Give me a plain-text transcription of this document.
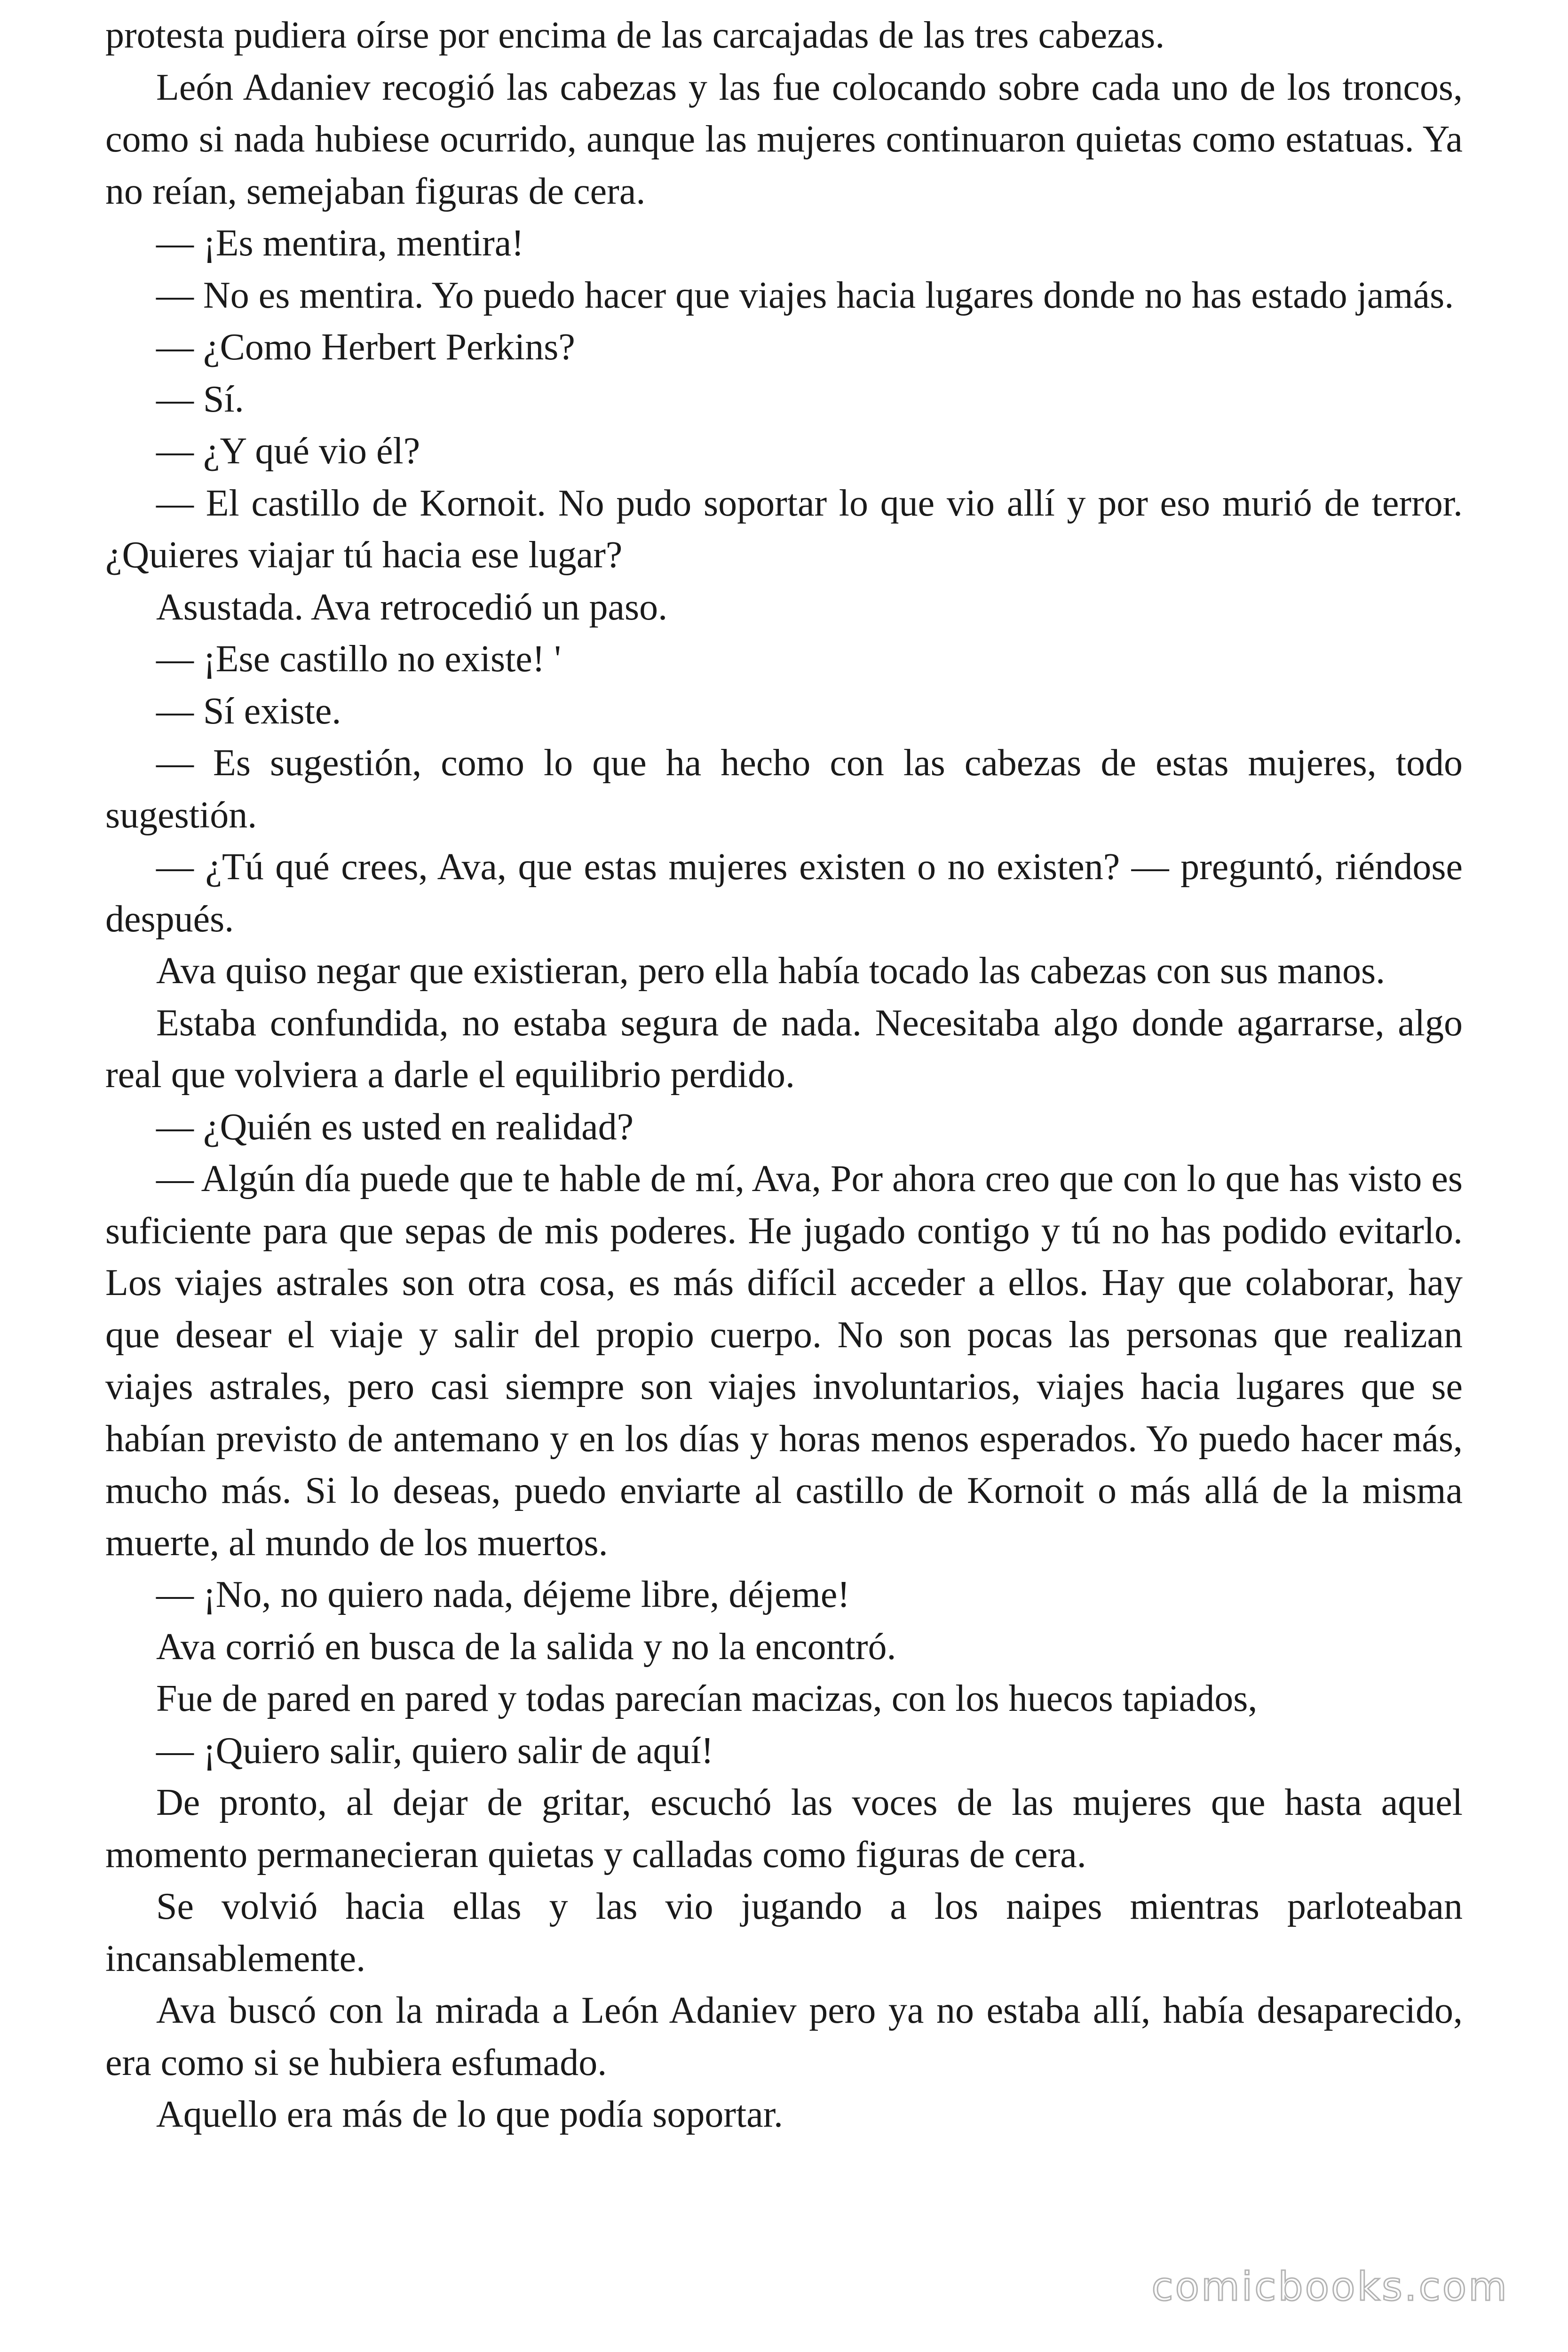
protesta pudiera oírse por encima de las carcajadas de las tres cabezas.

León Adaniev recogió las cabezas y las fue colocando sobre cada uno de los troncos, como si nada hubiese ocurrido, aunque las mujeres continuaron quietas como estatuas. Ya no reían, semejaban figuras de cera.

— ¡Es mentira, mentira!

— No es mentira. Yo puedo hacer que viajes hacia lugares donde no has estado jamás.

— ¿Como Herbert Perkins?

— Sí.

— ¿Y qué vio él?

— El castillo de Kornoit. No pudo soportar lo que vio allí y por eso murió de terror. ¿Quieres viajar tú hacia ese lugar?

Asustada. Ava retrocedió un paso.

— ¡Ese castillo no existe! '

— Sí existe.

— Es sugestión, como lo que ha hecho con las cabezas de estas mujeres, todo sugestión.

— ¿Tú qué crees, Ava, que estas mujeres existen o no existen? — preguntó, riéndose después.

Ava quiso negar que existieran, pero ella había tocado las cabezas con sus manos.

Estaba confundida, no estaba segura de nada. Necesitaba algo donde agarrarse, algo real que volviera a darle el equilibrio perdido.

— ¿Quién es usted en realidad?

— Algún día puede que te hable de mí, Ava, Por ahora creo que con lo que has visto es suficiente para que sepas de mis poderes. He jugado contigo y tú no has podido evitarlo. Los viajes astrales son otra cosa, es más difícil acceder a ellos. Hay que colaborar, hay que desear el viaje y salir del propio cuerpo. No son pocas las personas que realizan viajes astrales, pero casi siempre son viajes involuntarios, viajes hacia lugares que se habían previsto de antemano y en los días y horas menos esperados. Yo puedo hacer más, mucho más. Si lo deseas, puedo enviarte al castillo de Kornoit o más allá de la misma muerte, al mundo de los muertos.

— ¡No, no quiero nada, déjeme libre, déjeme!

Ava corrió en busca de la salida y no la encontró.

Fue de pared en pared y todas parecían macizas, con los huecos tapiados,

— ¡Quiero salir, quiero salir de aquí!

De pronto, al dejar de gritar, escuchó las voces de las mujeres que hasta aquel momento permanecieran quietas y calladas como figuras de cera.

Se volvió hacia ellas y las vio jugando a los naipes mientras parloteaban incansablemente.

Ava buscó con la mirada a León Adaniev pero ya no estaba allí, había desaparecido, era como si se hubiera esfumado.

Aquello era más de lo que podía soportar.

comicbooks.com
